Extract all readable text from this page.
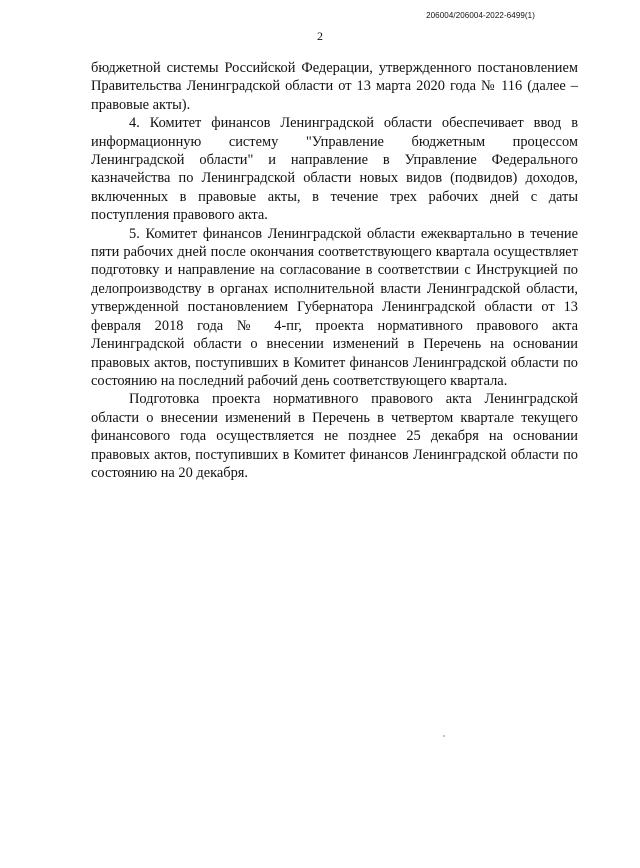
2
206004/206004-2022-6499(1)

бюджетной системы Российской Федерации, утвержденного постановлением Правительства Ленинградской области от 13 марта 2020 года № 116 (далее – правовые акты).

4. Комитет финансов Ленинградской области обеспечивает ввод в информационную систему "Управление бюджетным процессом Ленинградской области" и направление в Управление Федерального казначейства по Ленинградской области новых видов (подвидов) доходов, включенных в правовые акты, в течение трех рабочих дней с даты поступления правового акта.

5. Комитет финансов Ленинградской области ежеквартально в течение пяти рабочих дней после окончания соответствующего квартала осуществляет подготовку и направление на согласование в соответствии с Инструкцией по делопроизводству в органах исполнительной власти Ленинградской области, утвержденной постановлением Губернатора Ленинградской области от 13 февраля 2018 года № 4-пг, проекта нормативного правового акта Ленинградской области о внесении изменений в Перечень на основании правовых актов, поступивших в Комитет финансов Ленинградской области по состоянию на последний рабочий день соответствующего квартала.

Подготовка проекта нормативного правового акта Ленинградской области о внесении изменений в Перечень в четвертом квартале текущего финансового года осуществляется не позднее 25 декабря на основании правовых актов, поступивших в Комитет финансов Ленинградской области по состоянию на 20 декабря.
